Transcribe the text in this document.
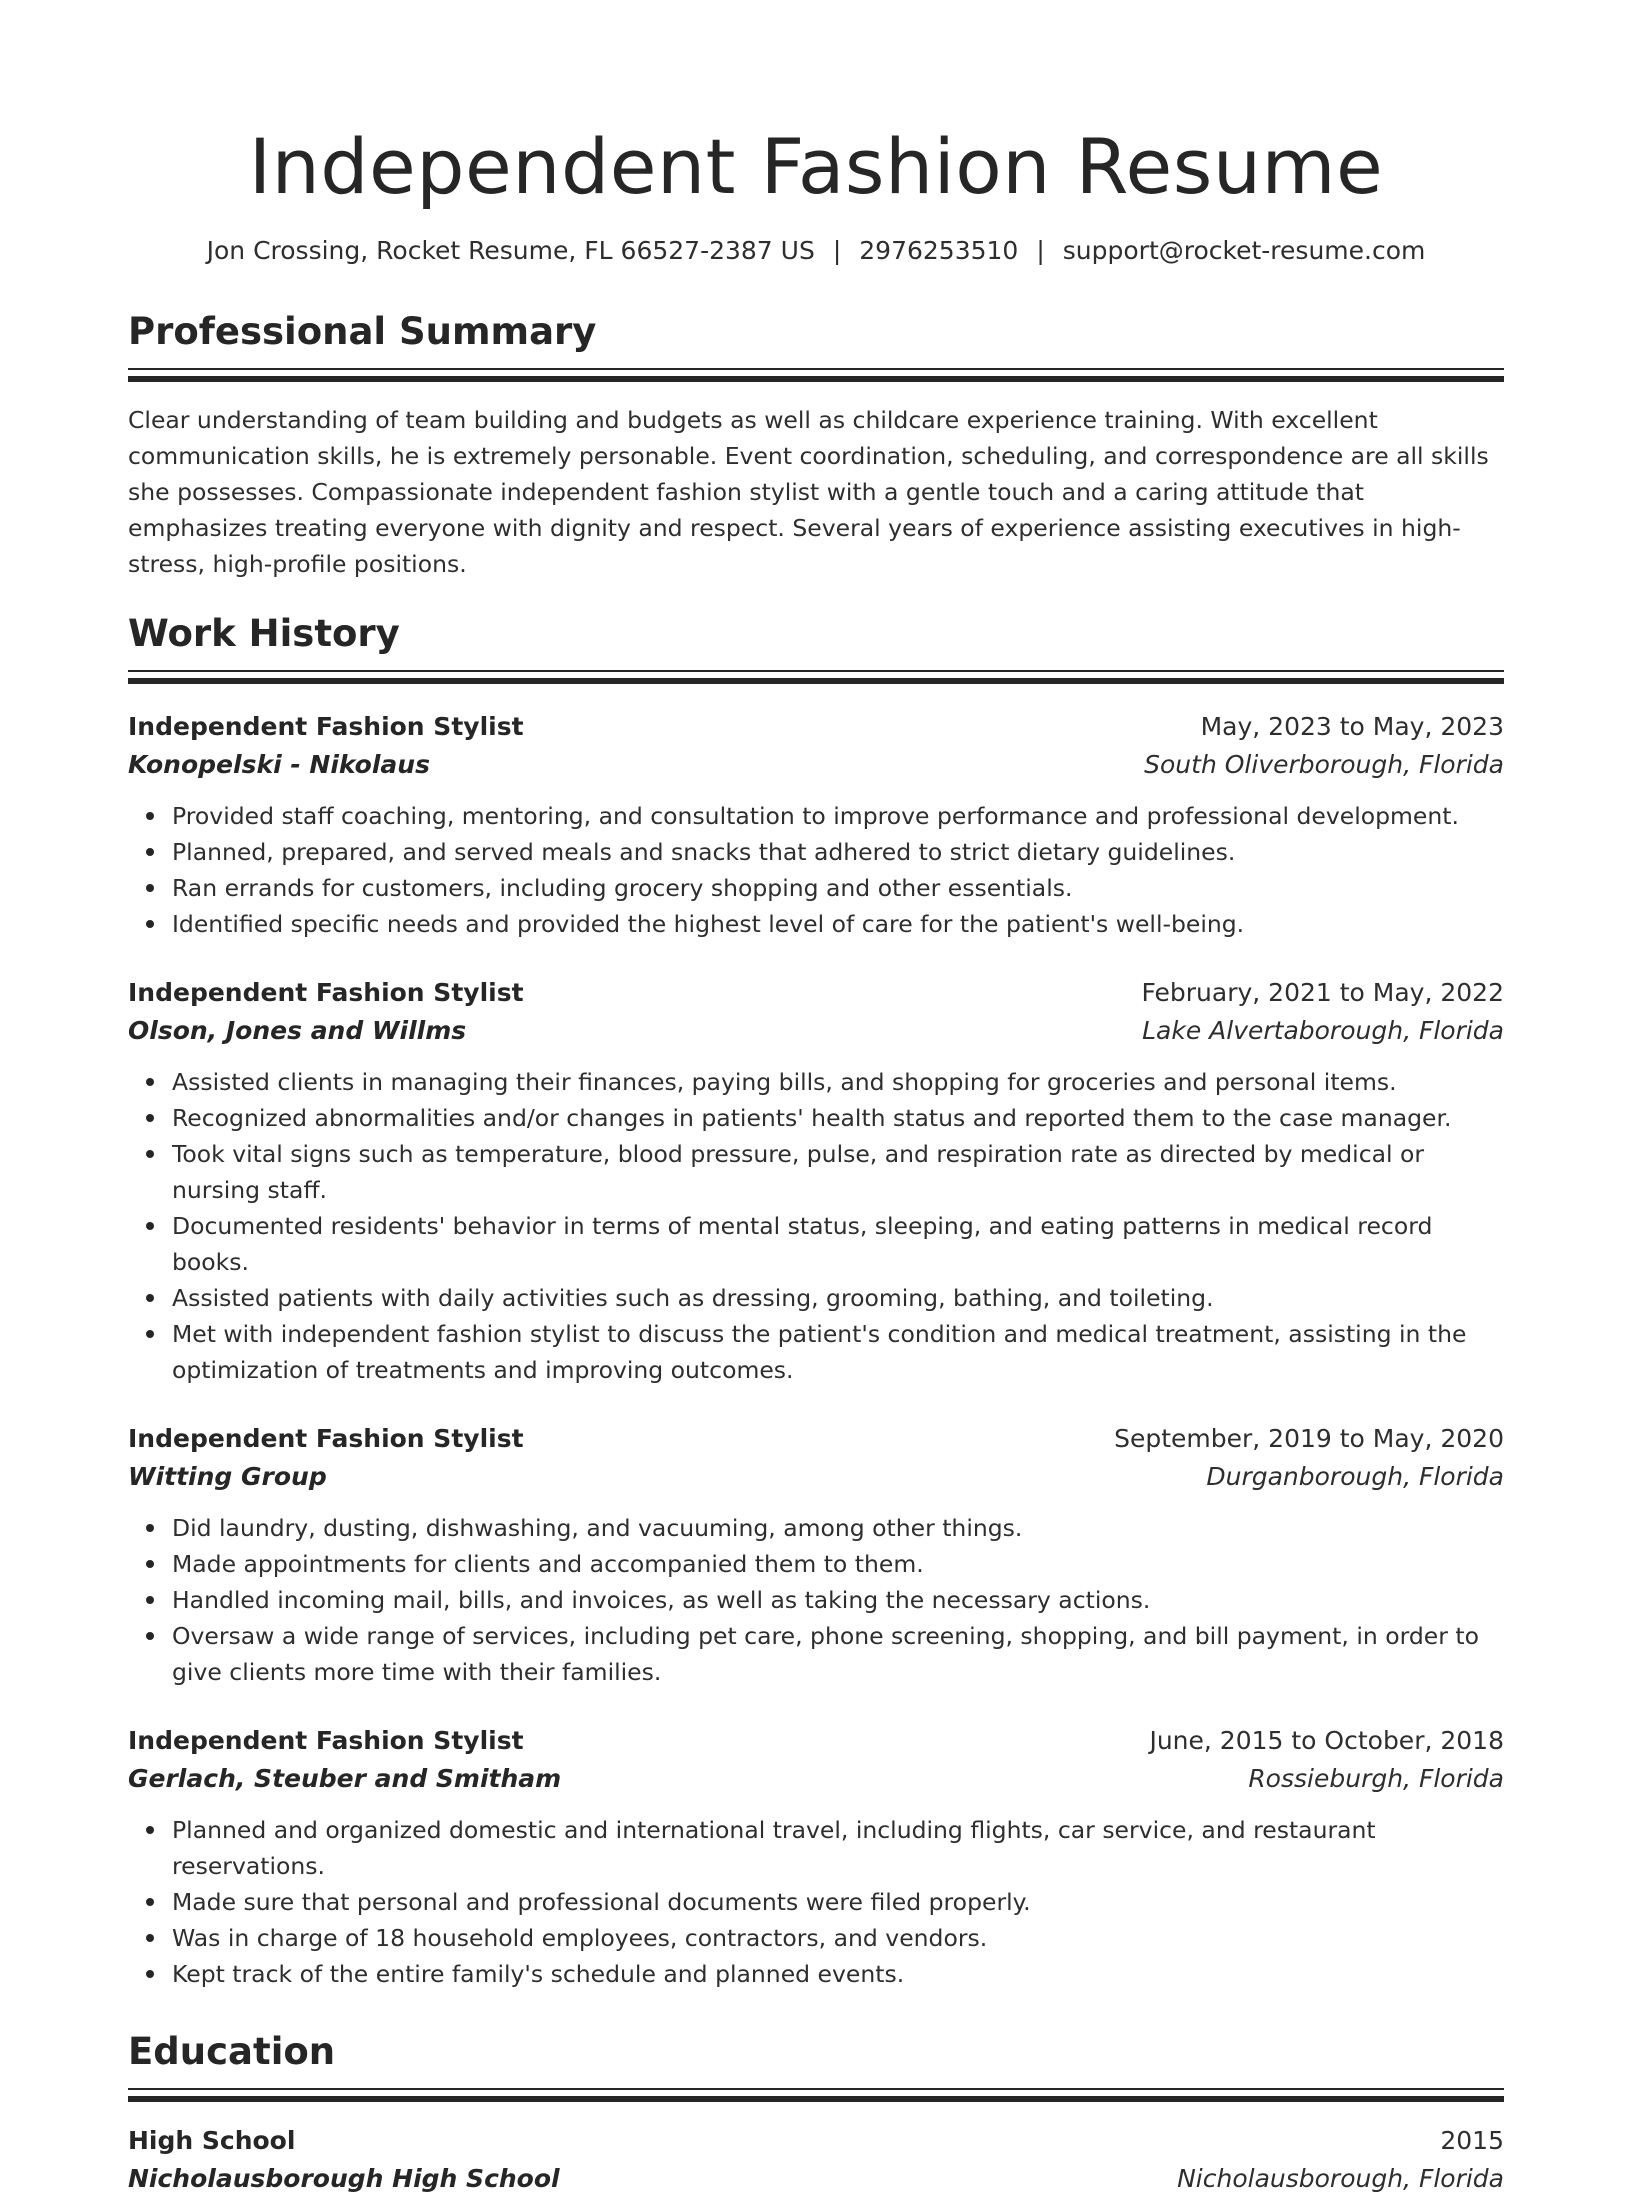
Independent Fashion Resume
Jon Crossing, Rocket Resume, FL 66527-2387 US | 2976253510 | support@rocket-resume.com
Professional Summary

Clear understanding of team building and budgets as well as childcare experience training. With excellent communication skills, he is extremely personable. Event coordination, scheduling, and correspondence are all skills she possesses. Compassionate independent fashion stylist with a gentle touch and a caring attitude that emphasizes treating everyone with dignity and respect. Several years of experience assisting executives in high-stress, high-profile positions.

Work History
Independent Fashion Stylist	May, 2023 to May, 2023
Konopelski - Nikolaus	South Oliverborough, Florida
Provided staff coaching, mentoring, and consultation to improve performance and professional development.
Planned, prepared, and served meals and snacks that adhered to strict dietary guidelines.
Ran errands for customers, including grocery shopping and other essentials.
Identified specific needs and provided the highest level of care for the patient's well-being.
Independent Fashion Stylist	February, 2021 to May, 2022
Olson, Jones and Willms	Lake Alvertaborough, Florida
Assisted clients in managing their finances, paying bills, and shopping for groceries and personal items.
Recognized abnormalities and/or changes in patients' health status and reported them to the case manager.
Took vital signs such as temperature, blood pressure, pulse, and respiration rate as directed by medical or nursing staff.
Documented residents' behavior in terms of mental status, sleeping, and eating patterns in medical record books.
Assisted patients with daily activities such as dressing, grooming, bathing, and toileting.
Met with independent fashion stylist to discuss the patient's condition and medical treatment, assisting in the optimization of treatments and improving outcomes.
Independent Fashion Stylist	September, 2019 to May, 2020
Witting Group	Durganborough, Florida
Did laundry, dusting, dishwashing, and vacuuming, among other things.
Made appointments for clients and accompanied them to them.
Handled incoming mail, bills, and invoices, as well as taking the necessary actions.
Oversaw a wide range of services, including pet care, phone screening, shopping, and bill payment, in order to give clients more time with their families.
Independent Fashion Stylist	June, 2015 to October, 2018
Gerlach, Steuber and Smitham	Rossieburgh, Florida
Planned and organized domestic and international travel, including flights, car service, and restaurant reservations.
Made sure that personal and professional documents were filed properly.
Was in charge of 18 household employees, contractors, and vendors.
Kept track of the entire family's schedule and planned events.
Education
High School	2015
Nicholausborough High School	Nicholausborough, Florida
